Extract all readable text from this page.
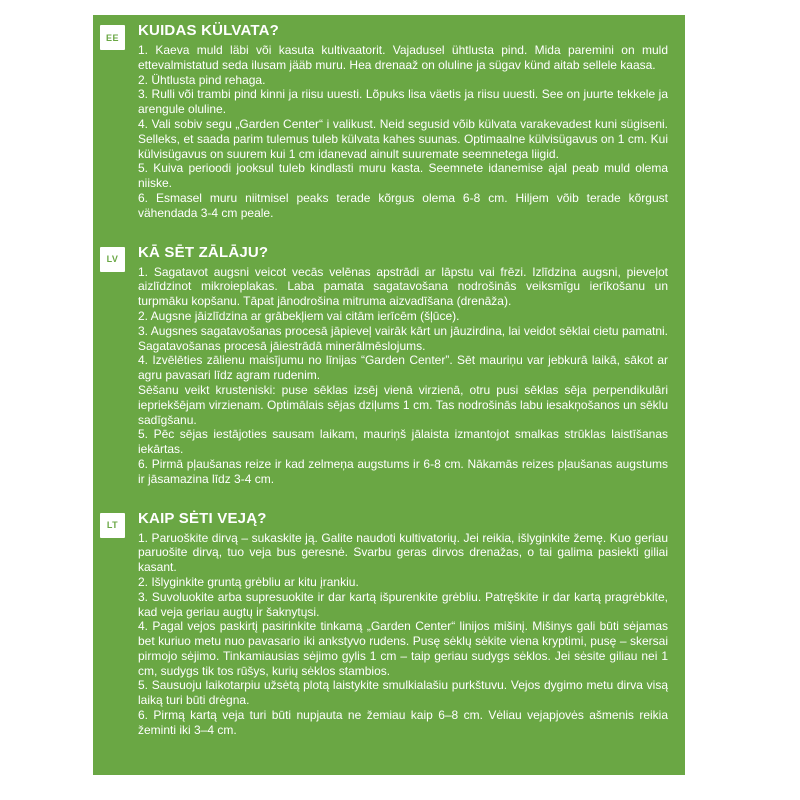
EE	KUIDAS KÜLVATA?

1. Kaeva muld läbi või kasuta kultivaatorit. Vajadusel ühtlusta pind. Mida paremini on muld ettevalmistatud seda ilusam jääb muru. Hea drenaaž on oluline ja sügav künd aitab sellele kaasa.

2. Ühtlusta pind rehaga.

3. Rulli või trambi pind kinni ja riisu uuesti. Lõpuks lisa väetis ja riisu uuesti. See on juurte tekkele ja arengule oluline.

4. Vali sobiv segu „Garden Center“ i valikust. Neid segusid võib külvata varakevadest kuni sügiseni. Selleks, et saada parim tulemus tuleb külvata kahes suunas. Optimaalne külvisügavus on 1 cm. Kui külvisügavus on suurem kui 1 cm idanevad ainult suuremate seemnetega liigid.

5. Kuiva perioodi jooksul tuleb kindlasti muru kasta. Seemnete idanemise ajal peab muld olema niiske.

6. Esmasel muru niitmisel peaks terade kõrgus olema 6-8 cm. Hiljem võib terade kõrgust vähendada 3-4 cm peale.

LV	KĀ SĒT ZĀLĀJU?

1. Sagatavot augsni veicot vecās velēnas apstrādi ar lāpstu vai frēzi. Izlīdzina augsni, pieveļot aizlīdzinot mikroieplakas. Laba pamata sagatavošana nodrošinās veiksmīgu ierīkošanu un turpmāku kopšanu. Tāpat jānodrošina mitruma aizvadīšana (drenāža).

2. Augsne jāizlīdzina ar grābekļiem vai citām ierīcēm (šļūce).

3. Augsnes sagatavošanas procesā jāpieveļ vairāk kārt un jāuzirdina, lai veidot sēklai cietu pamatni. Sagatavošanas procesā jāiestrādā minerālmēslojums.

4. Izvēlēties zālienu maisījumu no līnijas “Garden Center”. Sēt mauriņu var jebkurā laikā, sākot ar agru pavasari līdz agram rudenim.

Sēšanu veikt krusteniski: puse sēklas izsēj vienā virzienā, otru pusi sēklas sēja perpendikulāri iepriekšējam virzienam. Optimālais sējas dziļums 1 cm. Tas nodrošinās labu iesakņošanos un sēklu sadīgšanu.

5. Pēc sējas iestājoties sausam laikam, mauriņš jālaista izmantojot smalkas strūklas laistīšanas iekārtas.

6. Pirmā pļaušanas reize ir kad zelmeņa augstums ir 6-8 cm. Nākamās reizes pļaušanas augstums ir jāsamazina līdz 3-4 cm.

LT	KAIP SĖTI VEJĄ?

1. Paruoškite dirvą – sukaskite ją. Galite naudoti kultivatorių. Jei reikia, išlyginkite žemę. Kuo geriau paruošite dirvą, tuo veja bus geresnė. Svarbu geras dirvos drenažas, o tai galima pasiekti giliai kasant.

2. Išlyginkite gruntą grėbliu ar kitu įrankiu.

3. Suvoluokite arba supresuokite ir dar kartą išpurenkite grėbliu. Patręškite ir dar kartą pragrėbkite, kad veja geriau augtų ir šaknytųsi.

4. Pagal vejos paskirtį pasirinkite tinkamą „Garden Center“ linijos mišinį. Mišinys gali būti sėjamas bet kuriuo metu nuo pavasario iki ankstyvo rudens. Pusę sėklų sėkite viena kryptimi, pusę – skersai pirmojo sėjimo. Tinkamiausias sėjimo gylis 1 cm – taip geriau sudygs sėklos. Jei sėsite giliau nei 1 cm, sudygs tik tos rūšys, kurių sėklos stambios.

5. Sausuoju laikotarpiu užsėtą plotą laistykite smulkialašiu purkštuvu. Vejos dygimo metu dirva visą laiką turi būti drėgna.

6. Pirmą kartą veja turi būti nupjauta ne žemiau kaip 6–8 cm. Vėliau vejapjovės ašmenis reikia žeminti iki 3–4 cm.
